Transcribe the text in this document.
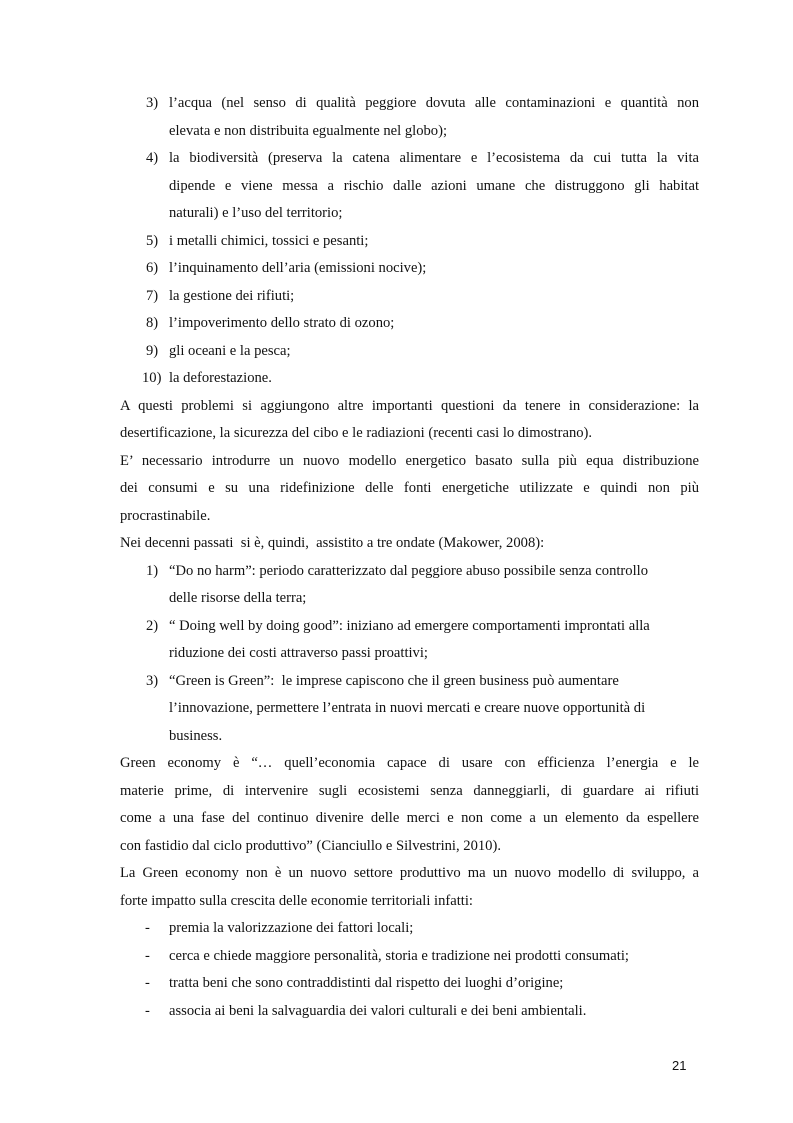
3) l’acqua (nel senso di qualità peggiore dovuta alle contaminazioni e quantità non
elevata e non distribuita egualmente nel globo);
4) la biodiversità (preserva la catena alimentare e l’ecosistema da cui tutta la vita
dipende e viene messa a rischio dalle azioni umane che distruggono gli habitat
naturali) e l’uso del territorio;
5) i metalli chimici, tossici e pesanti;
6) l’inquinamento dell’aria (emissioni nocive);
7) la gestione dei rifiuti;
8) l’impoverimento dello strato di ozono;
9) gli oceani e la pesca;
10) la deforestazione.
A questi problemi si aggiungono altre importanti questioni da tenere in considerazione: la
desertificazione, la sicurezza del cibo e le radiazioni (recenti casi lo dimostrano).
E’ necessario introdurre un nuovo modello energetico basato sulla più equa distribuzione
dei consumi e su una ridefinizione delle fonti energetiche utilizzate e quindi non più
procrastinabile.
Nei decenni passati  si è, quindi,  assistito a tre ondate (Makower, 2008):
1) “Do no harm”: periodo caratterizzato dal peggiore abuso possibile senza controllo
delle risorse della terra;
2) “ Doing well by doing good”: iniziano ad emergere comportamenti improntati alla
riduzione dei costi attraverso passi proattivi;
3) “Green is Green”:  le imprese capiscono che il green business può aumentare
l’innovazione, permettere l’entrata in nuovi mercati e creare nuove opportunità di
business.
Green economy è “… quell’economia capace di usare con efficienza l’energia e le
materie prime, di intervenire sugli ecosistemi senza danneggiarli, di guardare ai rifiuti
come a una fase del continuo divenire delle merci e non come a un elemento da espellere
con fastidio dal ciclo produttivo” (Cianciullo e Silvestrini, 2010).
La Green economy non è un nuovo settore produttivo ma un nuovo modello di sviluppo, a
forte impatto sulla crescita delle economie territoriali infatti:
- premia la valorizzazione dei fattori locali;
- cerca e chiede maggiore personalità, storia e tradizione nei prodotti consumati;
- tratta beni che sono contraddistinti dal rispetto dei luoghi d’origine;
- associa ai beni la salvaguardia dei valori culturali e dei beni ambientali.
21
